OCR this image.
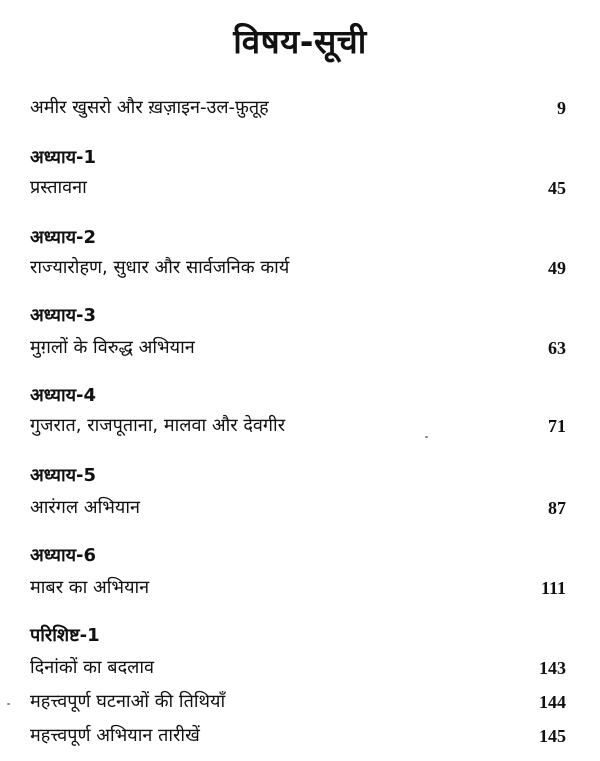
विषय-सूची
अमीर खुसरो और ख़ज़ाइन-उल-फ़ुतूह	9
अध्याय-1
प्रस्तावना	45
अध्याय-2
राज्यारोहण, सुधार और सार्वजनिक कार्य	49
अध्याय-3
मुग़लों के विरुद्ध अभियान	63
अध्याय-4
गुजरात, राजपूताना, मालवा और देवगीर	71
अध्याय-5
आरंगल अभियान	87
अध्याय-6
माबर का अभियान	111
परिशिष्ट-1
दिनांकों का बदलाव	143
महत्त्वपूर्ण घटनाओं की तिथियाँ	144
महत्त्वपूर्ण अभियान तारीखें	145
